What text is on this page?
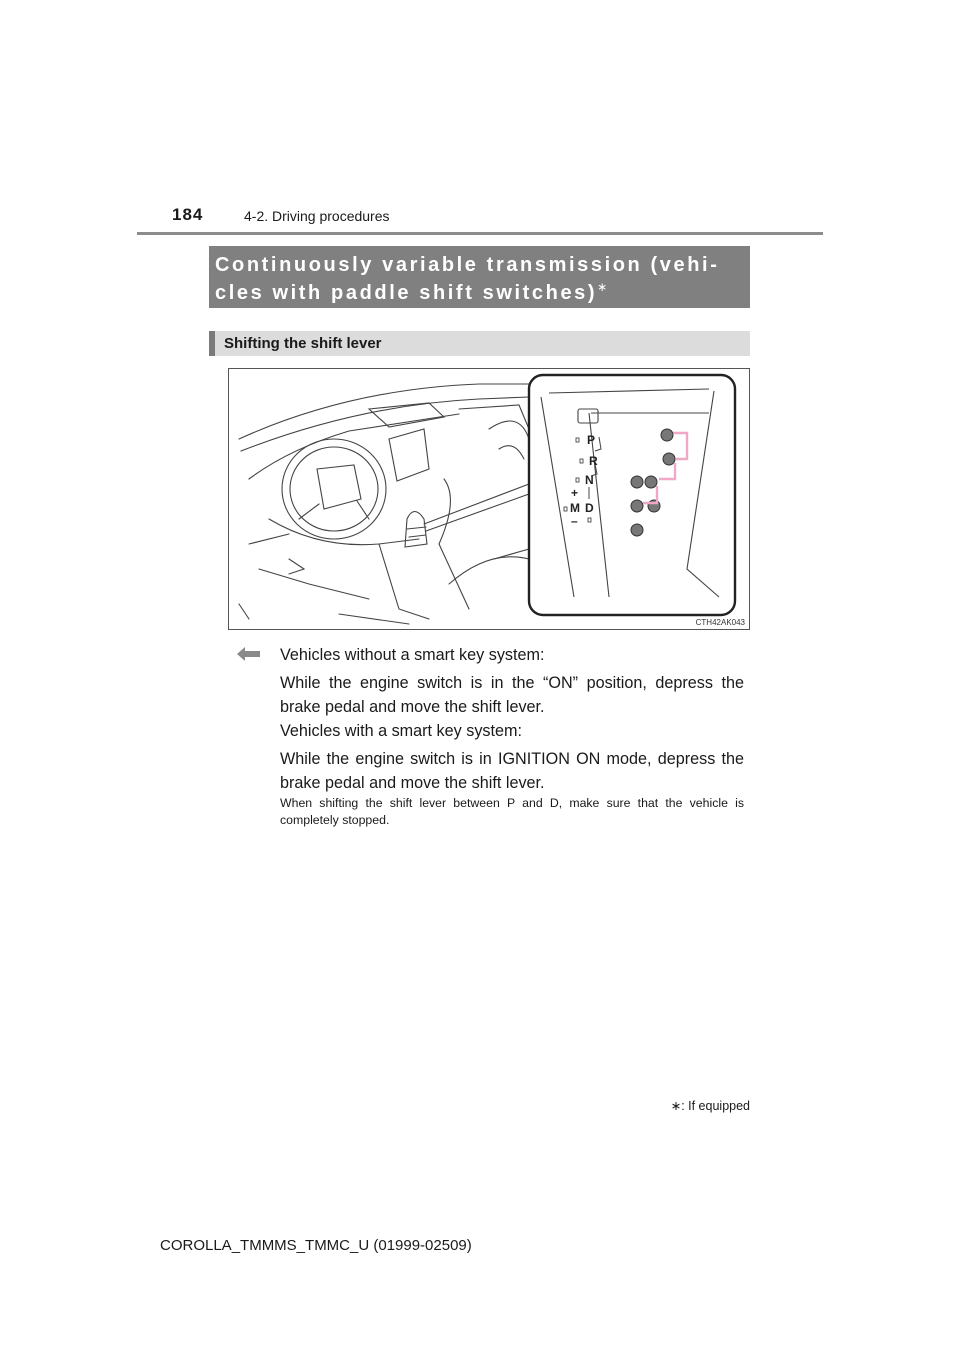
184	4-2. Driving procedures
Continuously variable transmission (vehi-
cles with paddle shift switches)∗
Shifting the shift lever
P
R
N
+
M D
–
CTH42AK043
Vehicles without a smart key system:
While the engine switch is in the “ON” position, depress the brake pedal and move the shift lever.
Vehicles with a smart key system:
While the engine switch is in IGNITION ON mode, depress the brake pedal and move the shift lever.
When shifting the shift lever between P and D, make sure that the vehicle is completely stopped.
∗: If equipped
COROLLA_TMMMS_TMMC_U (01999-02509)
